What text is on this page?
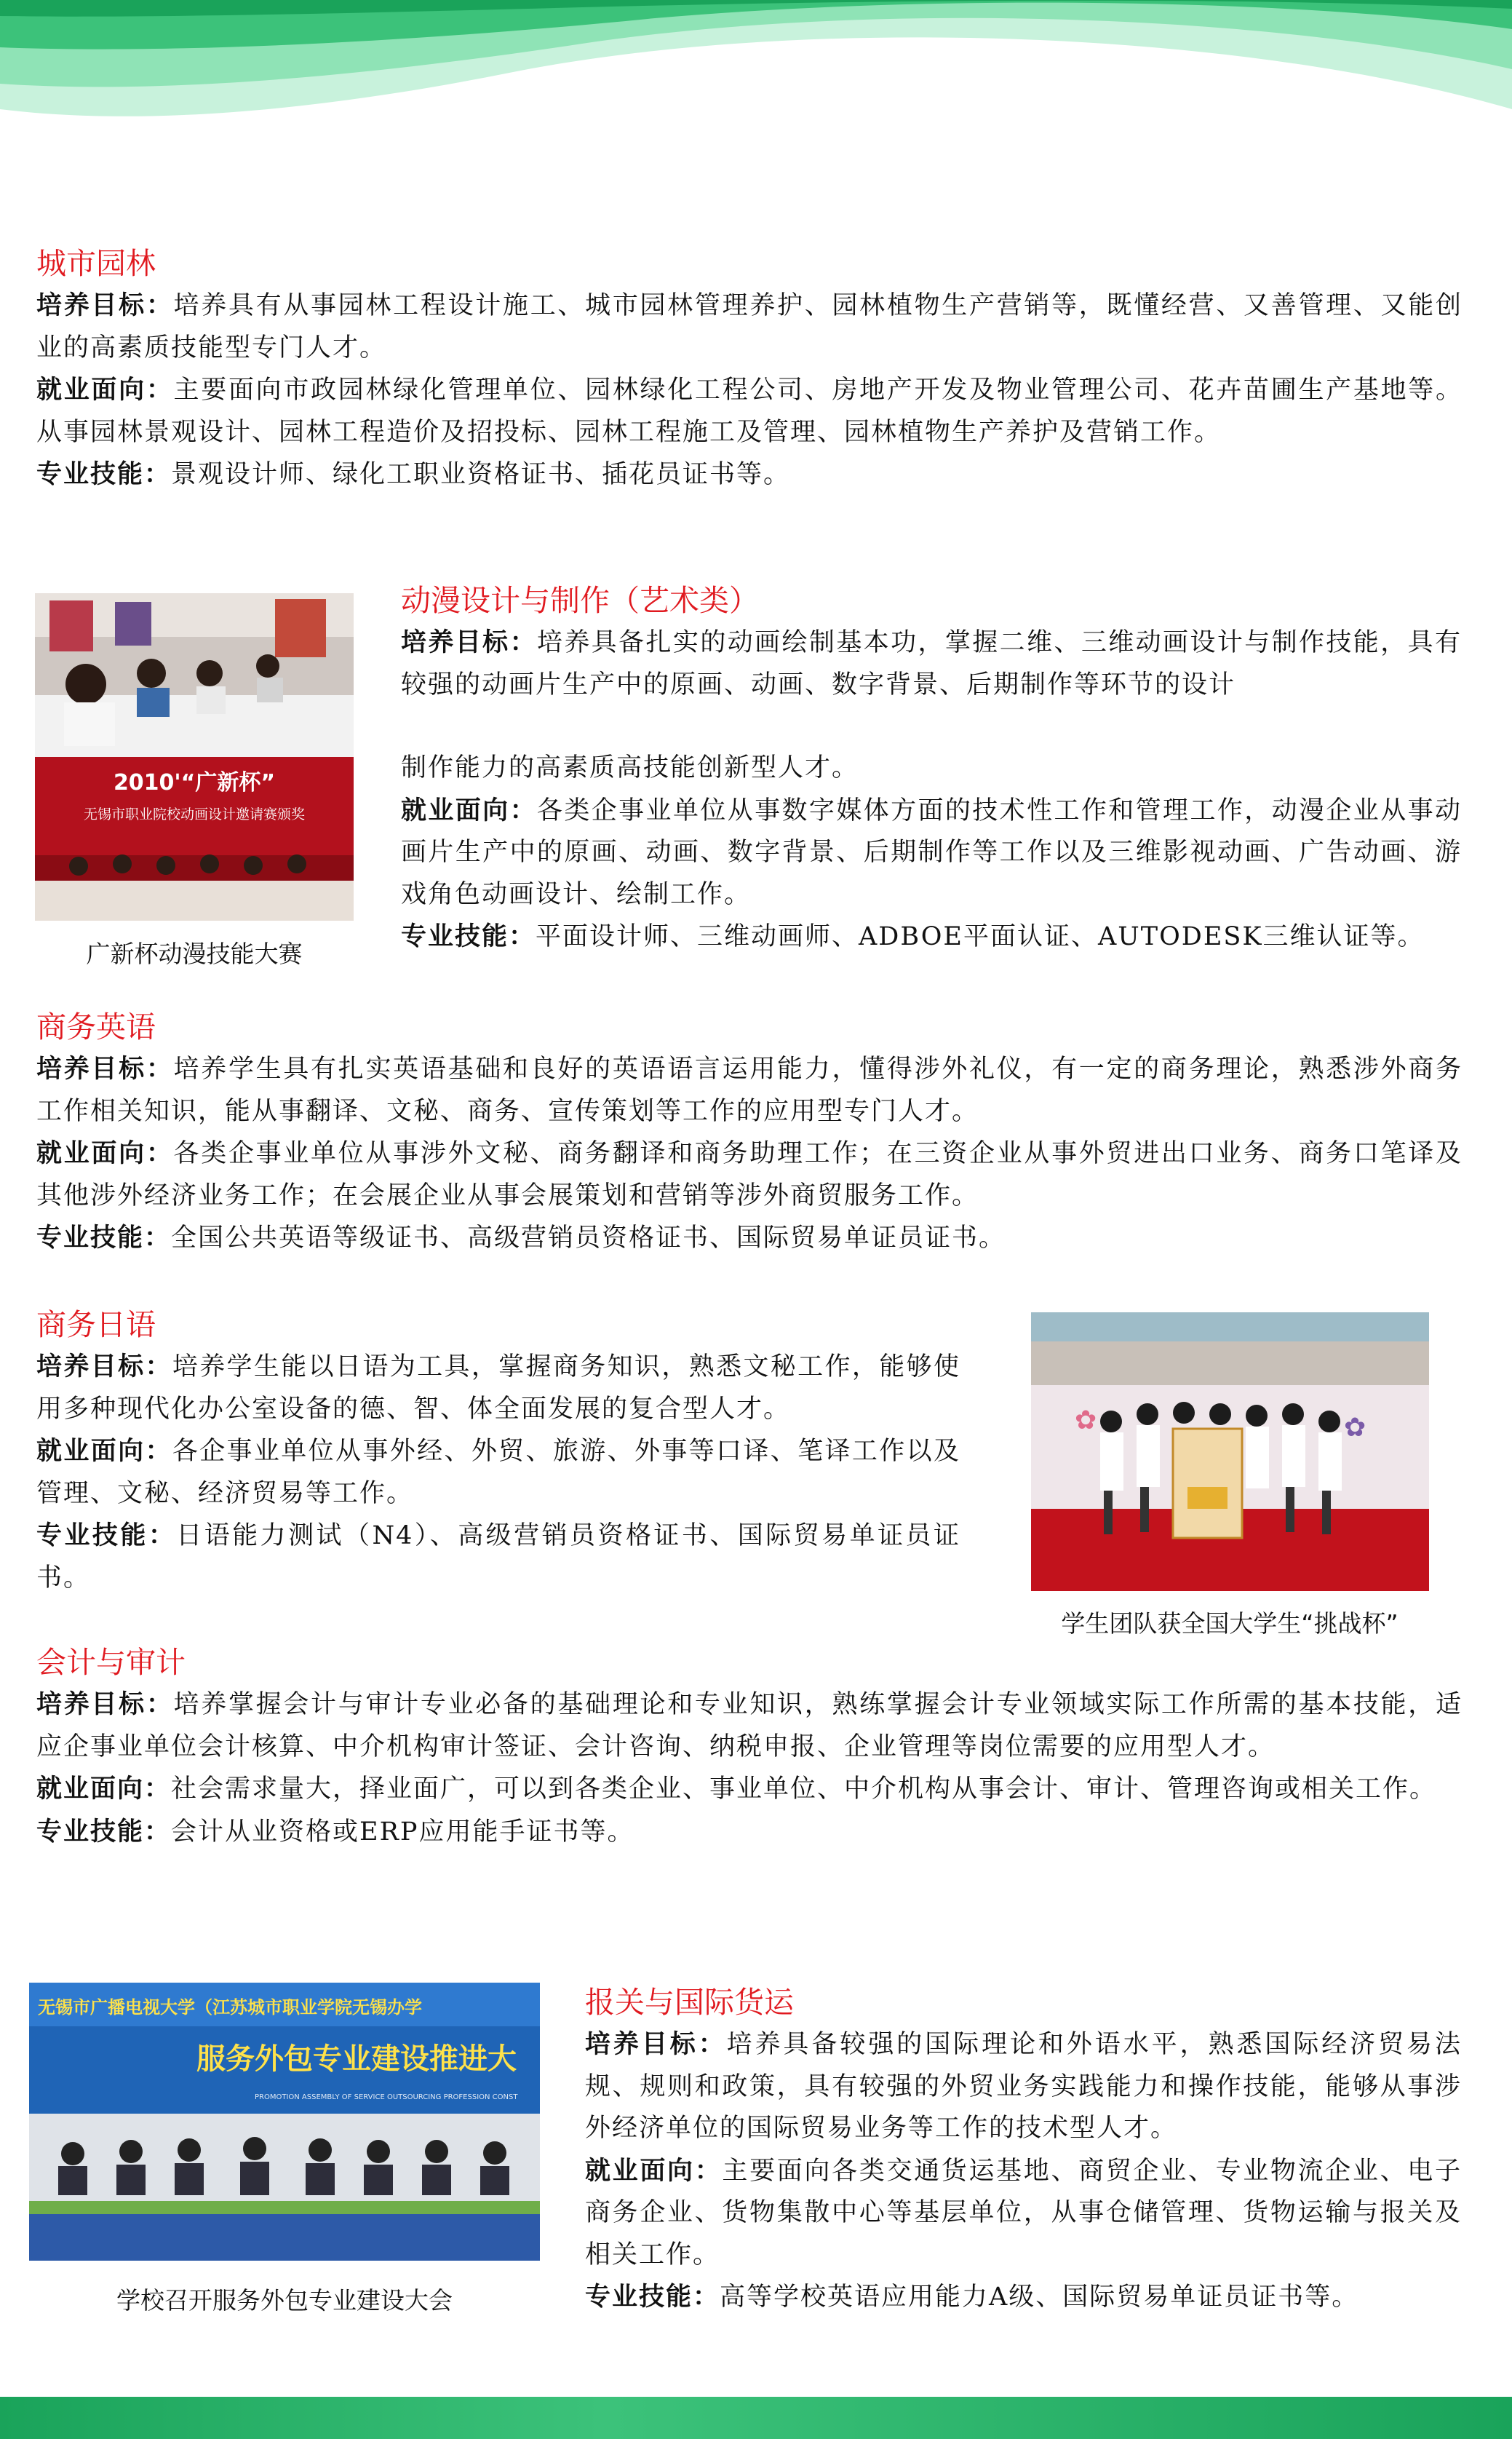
城市园林

培养目标：培养具有从事园林工程设计施工、城市园林管理养护、园林植物生产营销等，既懂经营、又善管理、又能创业的高素质技能型专门人才。

就业面向：主要面向市政园林绿化管理单位、园林绿化工程公司、房地产开发及物业管理公司、花卉苗圃生产基地等。从事园林景观设计、园林工程造价及招投标、园林工程施工及管理、园林植物生产养护及营销工作。

专业技能：景观设计师、绿化工职业资格证书、插花员证书等。

2010'“广新杯”
无锡市职业院校动画设计邀请赛颁奖
广新杯动漫技能大赛
动漫设计与制作（艺术类）

培养目标：培养具备扎实的动画绘制基本功，掌握二维、三维动画设计与制作技能，具有较强的动画片生产中的原画、动画、数字背景、后期制作等环节的设计

制作能力的高素质高技能创新型人才。

就业面向：各类企事业单位从事数字媒体方面的技术性工作和管理工作，动漫企业从事动画片生产中的原画、动画、数字背景、后期制作等工作以及三维影视动画、广告动画、游戏角色动画设计、绘制工作。

专业技能：平面设计师、三维动画师、ADBOE平面认证、AUTODESK三维认证等。

商务英语

培养目标：培养学生具有扎实英语基础和良好的英语语言运用能力，懂得涉外礼仪，有一定的商务理论，熟悉涉外商务工作相关知识，能从事翻译、文秘、商务、宣传策划等工作的应用型专门人才。

就业面向：各类企事业单位从事涉外文秘、商务翻译和商务助理工作；在三资企业从事外贸进出口业务、商务口笔译及其他涉外经济业务工作；在会展企业从事会展策划和营销等涉外商贸服务工作。

专业技能：全国公共英语等级证书、高级营销员资格证书、国际贸易单证员证书。

商务日语

培养目标：培养学生能以日语为工具，掌握商务知识，熟悉文秘工作，能够使用多种现代化办公室设备的德、智、体全面发展的复合型人才。

就业面向：各企事业单位从事外经、外贸、旅游、外事等口译、笔译工作以及管理、文秘、经济贸易等工作。

专业技能：日语能力测试（N4）、高级营销员资格证书、国际贸易单证员证书。

✿	✿
学生团队获全国大学生“挑战杯”
会计与审计

培养目标：培养掌握会计与审计专业必备的基础理论和专业知识，熟练掌握会计专业领域实际工作所需的基本技能，适应企事业单位会计核算、中介机构审计签证、会计咨询、纳税申报、企业管理等岗位需要的应用型人才。

就业面向：社会需求量大，择业面广，可以到各类企业、事业单位、中介机构从事会计、审计、管理咨询或相关工作。

专业技能：会计从业资格或ERP应用能手证书等。

无锡市广播电视大学（江苏城市职业学院无锡办学
服务外包专业建设推进大
PROMOTION ASSEMBLY OF SERVICE OUTSOURCING PROFESSION CONST
学校召开服务外包专业建设大会
报关与国际货运

培养目标：培养具备较强的国际理论和外语水平，熟悉国际经济贸易法规、规则和政策，具有较强的外贸业务实践能力和操作技能，能够从事涉外经济单位的国际贸易业务等工作的技术型人才。

就业面向：主要面向各类交通货运基地、商贸企业、专业物流企业、电子商务企业、货物集散中心等基层单位，从事仓储管理、货物运输与报关及相关工作。

专业技能：高等学校英语应用能力A级、国际贸易单证员证书等。
